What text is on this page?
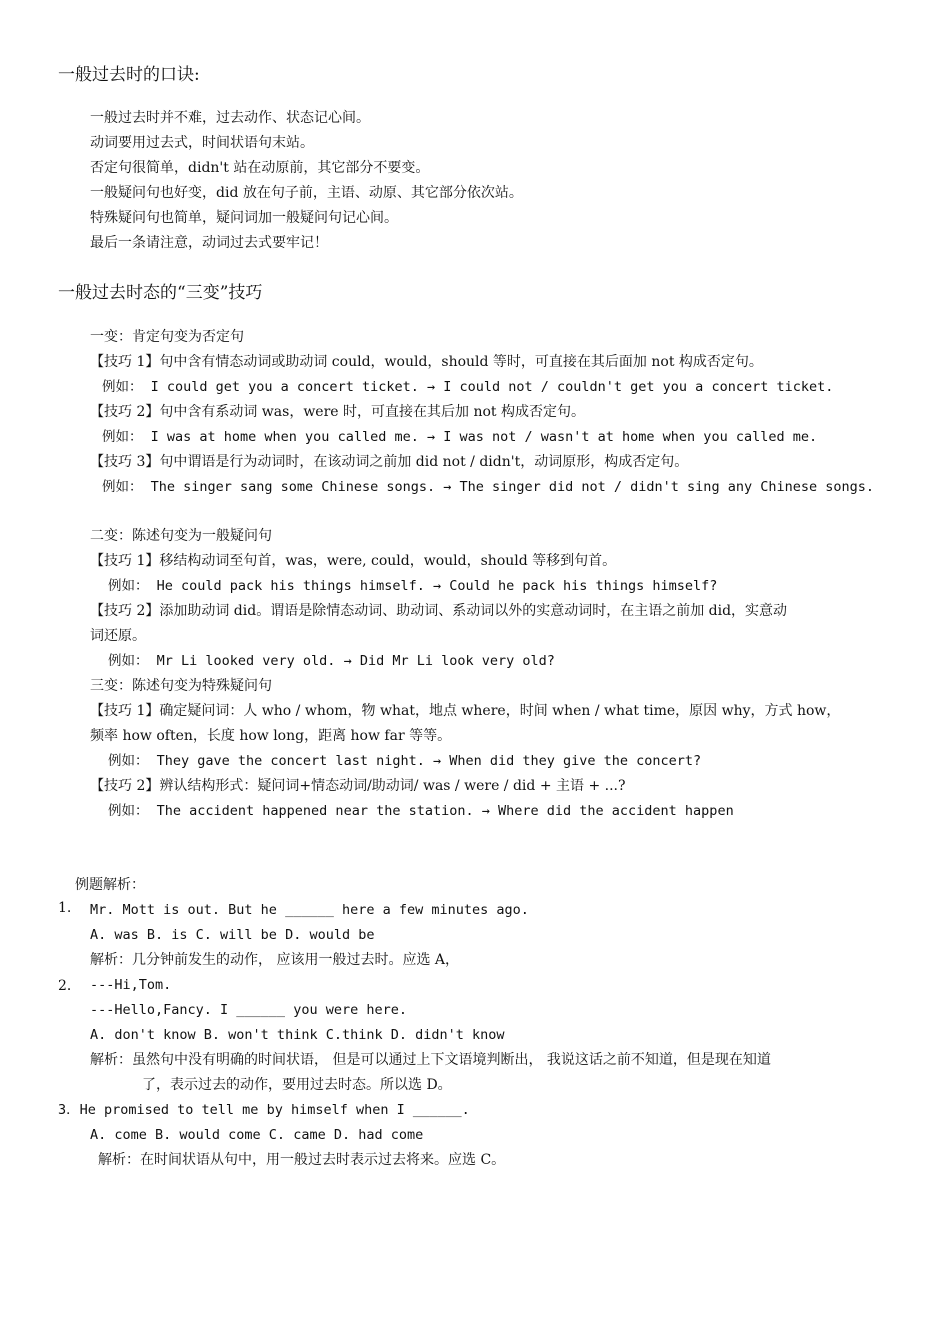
一般过去时的口诀:
一般过去时并不难，过去动作、状态记心间。
动词要用过去式，时间状语句末站。
否定句很简单，didn't 站在动原前，其它部分不要变。
一般疑问句也好变，did 放在句子前，主语、动原、其它部分依次站。
特殊疑问句也简单，疑问词加一般疑问句记心间。
最后一条请注意，动词过去式要牢记！
一般过去时态的“三变”技巧
一变：肯定句变为否定句
【技巧 1】句中含有情态动词或助动词 could，would，should 等时，可直接在其后面加 not 构成否定句。
例如： I could get you a concert ticket. → I could not / couldn't get you a concert ticket.
【技巧 2】句中含有系动词 was，were 时，可直接在其后加 not 构成否定句。
例如： I was at home when you called me. → I was not / wasn't at home when you called me.
【技巧 3】句中谓语是行为动词时，在该动词之前加 did not / didn't，动词原形，构成否定句。
例如： The singer sang some Chinese songs. → The singer did not / didn't sing any Chinese songs.
二变：陈述句变为一般疑问句
【技巧 1】移结构动词至句首，was，were, could，would，should 等移到句首。
例如： He could pack his things himself. → Could he pack his things himself?
【技巧 2】添加助动词 did。谓语是除情态动词、助动词、系动词以外的实意动词时，在主语之前加 did，实意动
词还原。
例如： Mr Li looked very old. → Did Mr Li look very old?
三变：陈述句变为特殊疑问句
【技巧 1】确定疑问词：人 who / whom，物 what，地点 where，时间 when / what time，原因 why，方式 how，
频率 how often，长度 how long，距离 how far 等等。
例如： They gave the concert last night. → When did they give the concert?
【技巧 2】辨认结构形式：疑问词+情态动词/助动词/ was / were / did + 主语 + ...?
例如： The accident happened near the station. → Where did the accident happen
例题解析：
1. Mr. Mott is out. But he ______ here a few minutes ago.
A. was B. is C. will be D. would be
解析：几分钟前发生的动作， 应该用一般过去时。应选 A，
2． ---Hi,Tom.
---Hello,Fancy. I ______ you were here.
A. don't know B. won't think C.think D. didn't know
解析：虽然句中没有明确的时间状语， 但是可以通过上下文语境判断出， 我说这话之前不知道，但是现在知道
了，表示过去的动作，要用过去时态。所以选 D。
3．He promised to tell me by himself when I ______.
A. come B. would come C. came D. had come
解析：在时间状语从句中，用一般过去时表示过去将来。应选 C。
